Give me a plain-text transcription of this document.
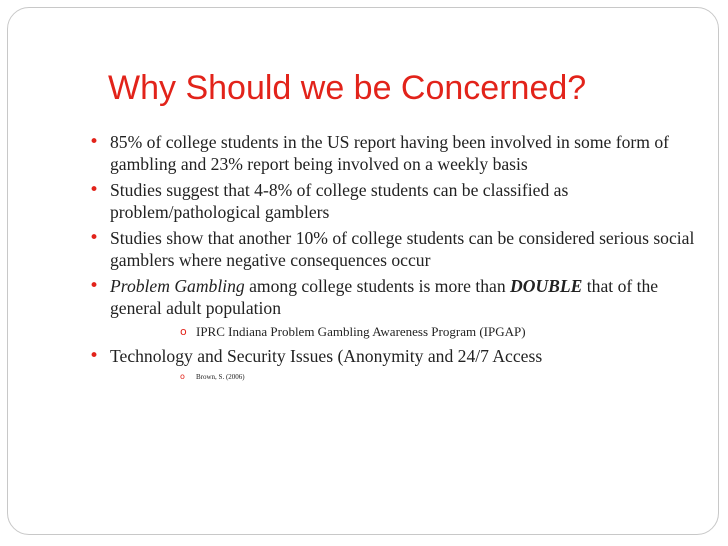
Why Should we be Concerned?
• 85% of college students in the US report having been involved in some form of gambling and 23% report being involved on a weekly basis
• Studies suggest that 4-8% of college students can be classified as problem/pathological gamblers
• Studies show that another 10% of college students can be considered serious social gamblers where negative consequences occur
• Problem Gambling among college students is more than DOUBLE that of the general adult population
o IPRC Indiana Problem Gambling Awareness Program (IPGAP)
• Technology and Security Issues (Anonymity and 24/7 Access
o Brown, S. (2006)
